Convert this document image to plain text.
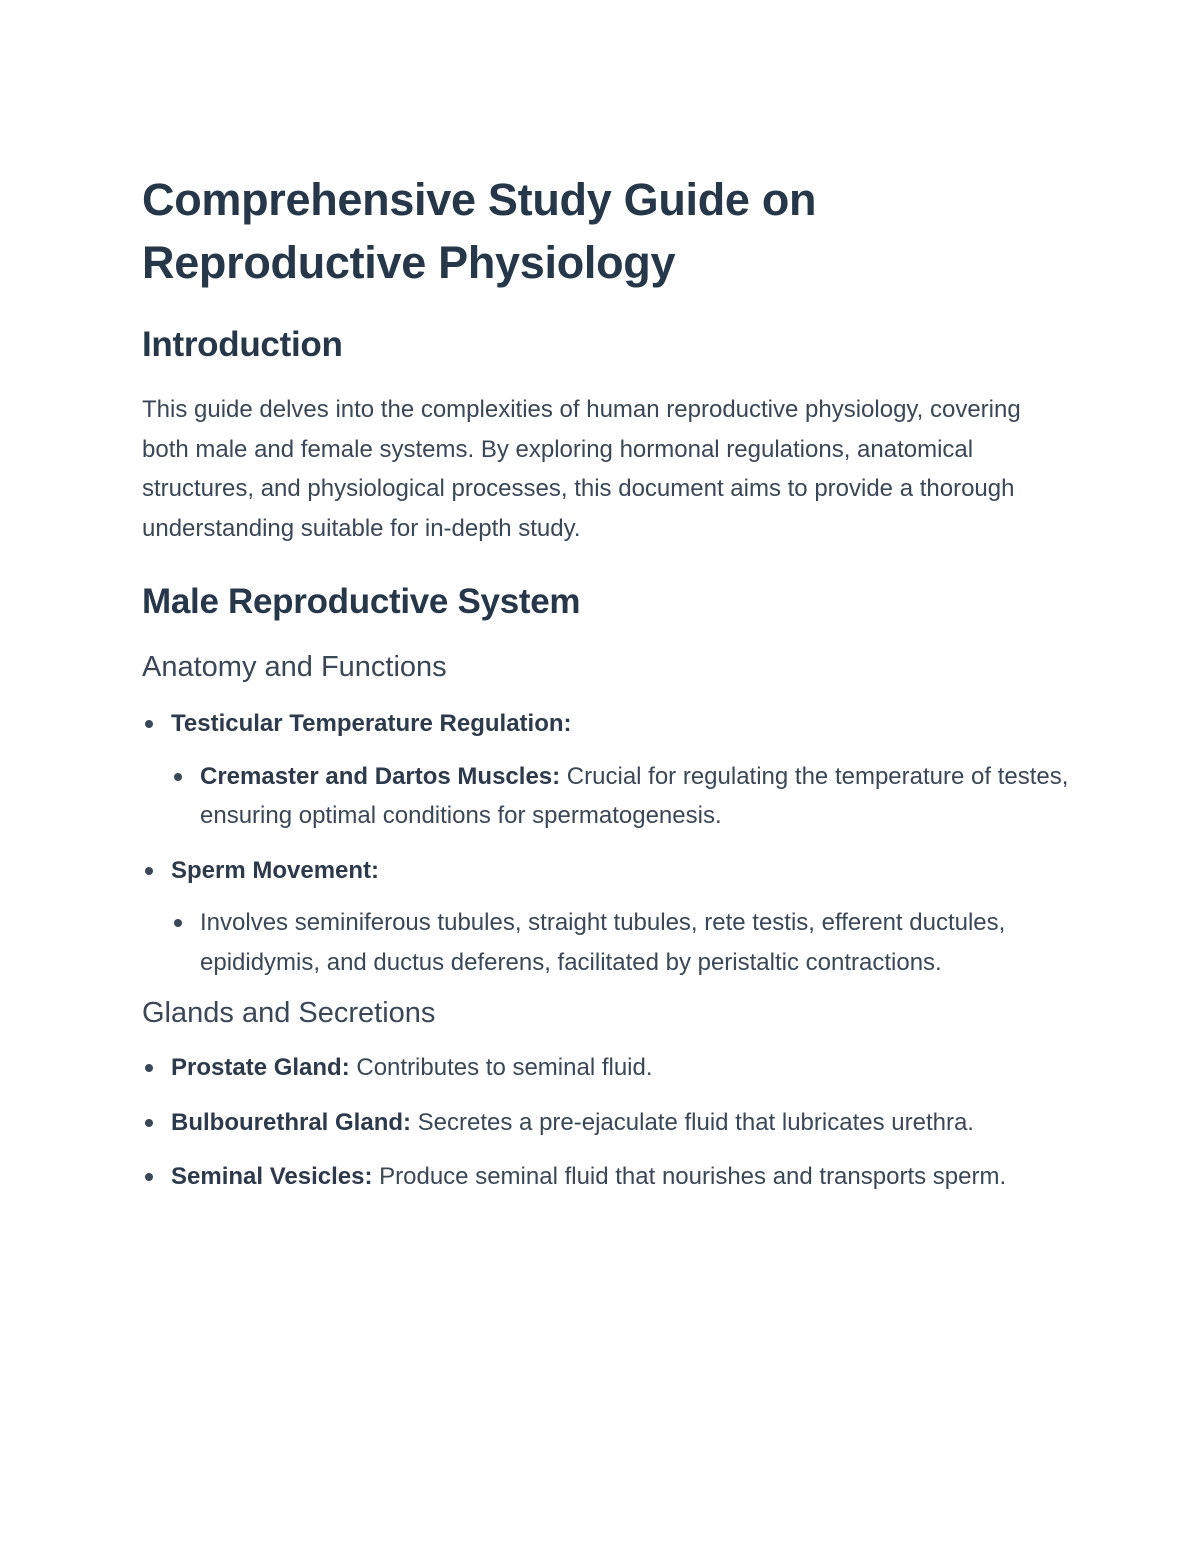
Comprehensive Study Guide on Reproductive Physiology
Introduction

This guide delves into the complexities of human reproductive physiology, covering both male and female systems. By exploring hormonal regulations, anatomical structures, and physiological processes, this document aims to provide a thorough understanding suitable for in-depth study.

Male Reproductive System
Anatomy and Functions
Testicular Temperature Regulation:
Cremaster and Dartos Muscles: Crucial for regulating the temperature of testes, ensuring optimal conditions for spermatogenesis.
Sperm Movement:
Involves seminiferous tubules, straight tubules, rete testis, efferent ductules, epididymis, and ductus deferens, facilitated by peristaltic contractions.
Glands and Secretions
Prostate Gland: Contributes to seminal fluid.
Bulbourethral Gland: Secretes a pre-ejaculate fluid that lubricates urethra.
Seminal Vesicles: Produce seminal fluid that nourishes and transports sperm.
